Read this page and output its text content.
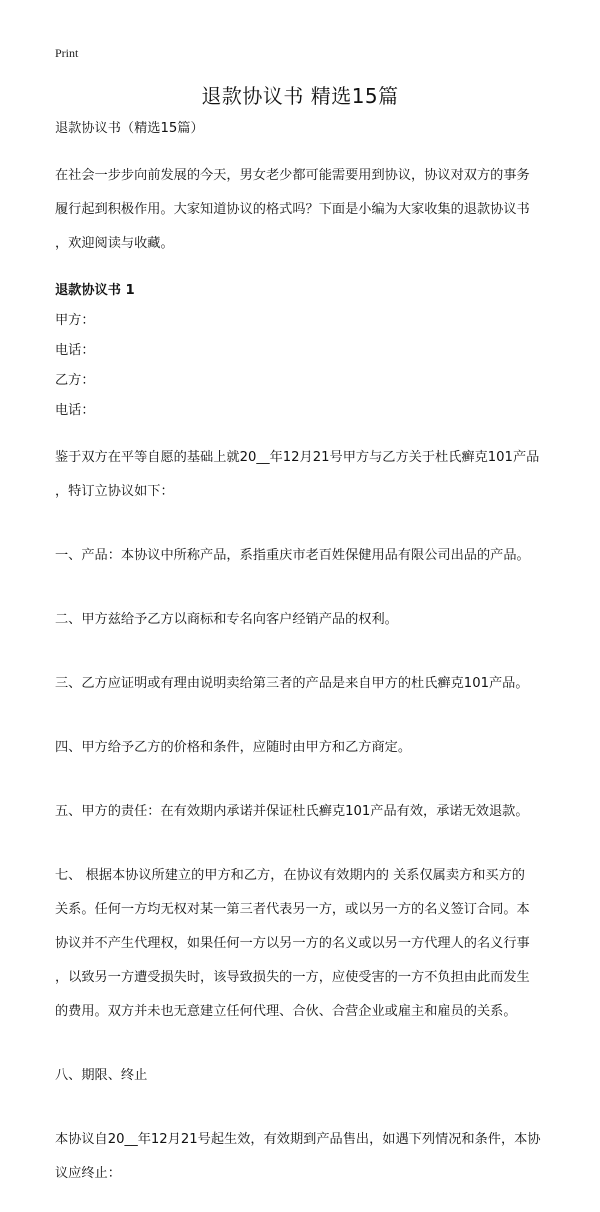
Print
退款协议书 精选15篇

退款协议书（精选15篇）

在社会一步步向前发展的今天，男女老少都可能需要用到协议，协议对双方的事务

履行起到积极作用。大家知道协议的格式吗？下面是小编为大家收集的退款协议书

，欢迎阅读与收藏。

退款协议书 1

甲方：

电话：

乙方：

电话：

鉴于双方在平等自愿的基础上就20__年12月21号甲方与乙方关于杜氏癣克101产品

，特订立协议如下：

一、产品：本协议中所称产品，系指重庆市老百姓保健用品有限公司出品的产品。

二、甲方兹给予乙方以商标和专名向客户经销产品的权利。

三、乙方应证明或有理由说明卖给第三者的产品是来自甲方的杜氏癣克101产品。

四、甲方给予乙方的价格和条件，应随时由甲方和乙方商定。

五、甲方的责任：在有效期内承诺并保证杜氏癣克101产品有效，承诺无效退款。

七、 根据本协议所建立的甲方和乙方，在协议有效期内的 关系仅属卖方和买方的

关系。任何一方均无权对某一第三者代表另一方，或以另一方的名义签订合同。本

协议并不产生代理权，如果任何一方以另一方的名义或以另一方代理人的名义行事

，以致另一方遭受损失时，该导致损失的一方，应使受害的一方不负担由此而发生

的费用。双方并未也无意建立任何代理、合伙、合营企业或雇主和雇员的关系。

八、期限、终止

本协议自20__年12月21号起生效，有效期到产品售出，如遇下列情况和条件，本协

议应终止：
